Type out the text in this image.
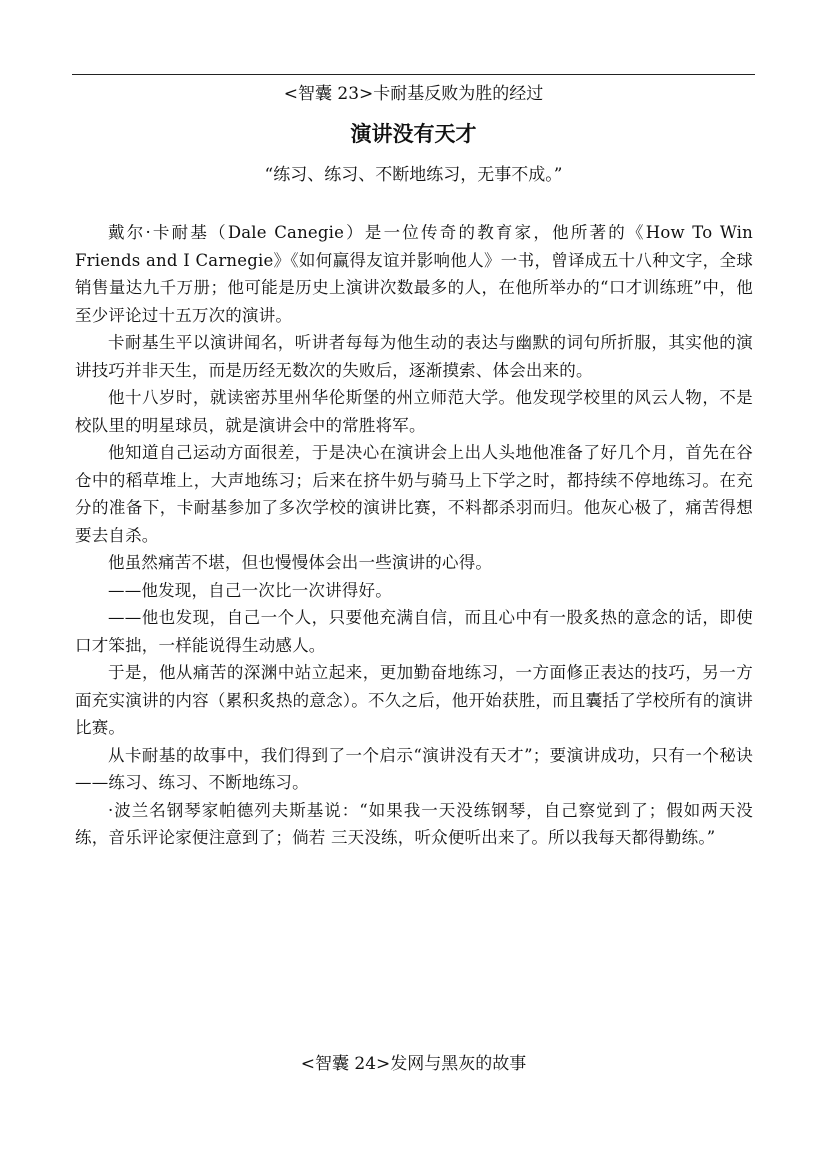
<智囊 23>卡耐基反败为胜的经过
演讲没有天才
“练习、练习、不断地练习，无事不成。”

戴尔·卡耐基（Dale Canegie）是一位传奇的教育家，他所著的《How To Win Friends and I Carnegie》《如何赢得友谊并影响他人》一书，曾译成五十八种文字，全球销售量达九千万册；他可能是历史上演讲次数最多的人，在他所举办的“口才训练班”中，他至少评论过十五万次的演讲。

卡耐基生平以演讲闻名，听讲者每每为他生动的表达与幽默的词句所折服，其实他的演讲技巧并非天生，而是历经无数次的失败后，逐渐摸索、体会出来的。

他十八岁时，就读密苏里州华伦斯堡的州立师范大学。他发现学校里的风云人物，不是校队里的明星球员，就是演讲会中的常胜将军。

他知道自己运动方面很差，于是决心在演讲会上出人头地他准备了好几个月，首先在谷仓中的稻草堆上，大声地练习；后来在挤牛奶与骑马上下学之时，都持续不停地练习。在充分的准备下，卡耐基参加了多次学校的演讲比赛，不料都杀羽而归。他灰心极了，痛苦得想要去自杀。

他虽然痛苦不堪，但也慢慢体会出一些演讲的心得。

——他发现，自己一次比一次讲得好。

——他也发现，自己一个人，只要他充满自信，而且心中有一股炙热的意念的话，即使口才笨拙，一样能说得生动感人。

于是，他从痛苦的深渊中站立起来，更加勤奋地练习，一方面修正表达的技巧，另一方面充实演讲的内容（累积炙热的意念）。不久之后，他开始获胜，而且囊括了学校所有的演讲比赛。

从卡耐基的故事中，我们得到了一个启示“演讲没有天才”；要演讲成功，只有一个秘诀——练习、练习、不断地练习。

·波兰名钢琴家帕德列夫斯基说：“如果我一天没练钢琴，自己察觉到了；假如两天没练，音乐评论家便注意到了；倘若 三天没练，听众便听出来了。所以我每天都得勤练。”

<智囊 24>发网与黑灰的故事
